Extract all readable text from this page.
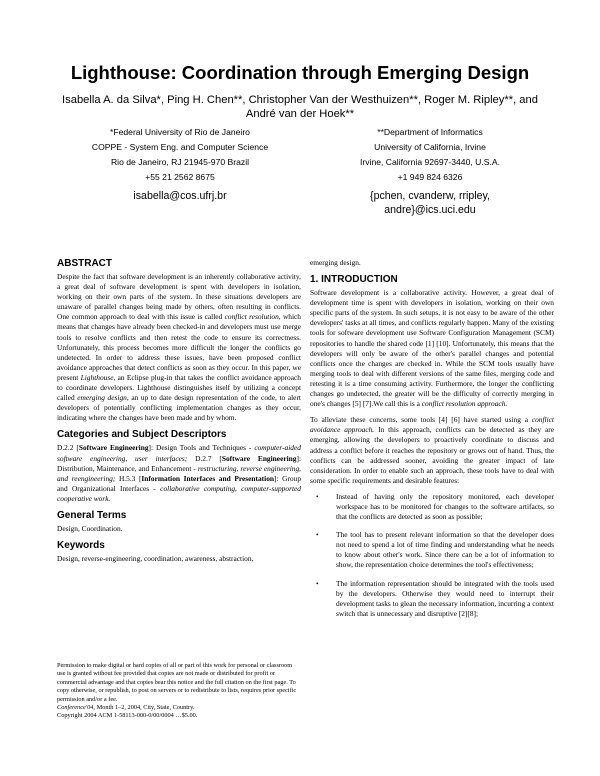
Lighthouse: Coordination through Emerging Design
Isabella A. da Silva*, Ping H. Chen**, Christopher Van der Westhuizen**, Roger M. Ripley**, and
André van der Hoek**
*Federal University of Rio de Janeiro
COPPE - System Eng. and Computer Science
Rio de Janeiro, RJ 21945-970 Brazil
+55 21 2562 8675
isabella@cos.ufrj.br
**Department of Informatics
University of California, Irvine
Irvine, California 92697-3440, U.S.A.
+1 949 824 6326
{pchen, cvanderw, rripley,
andre}@ics.uci.edu
ABSTRACT

Despite the fact that software development is an inherently collaborative activity, a great deal of software development is spent with developers in isolation, working on their own parts of the system. In these situations developers are unaware of parallel changes being made by others, often resulting in conflicts. One common approach to deal with this issue is called conflict resolution, which means that changes have already been checked-in and developers must use merge tools to resolve conflicts and then retest the code to ensure its correctness. Unfortunately, this process becomes more difficult the longer the conflicts go undetected. In order to address these issues, have been proposed conflict avoidance approaches that detect conflicts as soon as they occur. In this paper, we present Lighthouse, an Eclipse plug-in that takes the conflict avoidance approach to coordinate developers. Lighthouse distinguishes itself by utilizing a concept called emerging design, an up to date design representation of the code, to alert developers of potentially conflicting implementation changes as they occur, indicating where the changes have been made and by whom.

Categories and Subject Descriptors

D.2.2 [Software Engineering]: Design Tools and Techniques - computer-aided software engineering, user interfaces; D.2.7 [Software Engineering]: Distribution, Maintenance, and Enhancement - restructuring, reverse engineering, and reengineering; H.5.3 [Information Interfaces and Presentation]: Group and Organizational Interfaces - collaborative computing, computer-supported cooperative work.

General Terms

Design, Coordination.

Keywords

Design, reverse-engineering, coordination, awareness, abstraction,

Permission to make digital or hard copies of all or part of this work for personal or classroom use is granted without fee provided that copies are not made or distributed for profit or commercial advantage and that copies bear this notice and the full citation on the first page. To copy otherwise, or republish, to post on servers or to redistribute to lists, requires prior specific permission and/or a fee.
Conference'04, Month 1–2, 2004, City, State, Country.
Copyright 2004 ACM 1-58113-000-0/00/0004 …$5.00.

emerging design.

1. INTRODUCTION

Software development is a collaborative activity. However, a great deal of development time is spent with developers in isolation, working on their own specific parts of the system. In such setups, it is not easy to be aware of the other developers' tasks at all times, and conflicts regularly happen. Many of the existing tools for software development use Software Configuration Management (SCM) repositories to handle the shared code [1] [10]. Unfortunately, this means that the developers will only be aware of the other's parallel changes and potential conflicts once the changes are checked in. While the SCM tools usually have merging tools to deal with different versions of the same files, merging code and retesting it is a time consuming activity. Furthermore, the longer the conflicting changes go undetected, the greater will be the difficulty of correctly merging in one's changes [5] [7].We call this is a conflict resolution approach.

To alleviate these concerns, some tools [4] [6] have started using a conflict avoidance approach. In this approach, conflicts can be detected as they are emerging, allowing the developers to proactively coordinate to discuss and address a conflict before it reaches the repository or grows out of hand. Thus, the conflicts can be addressed sooner, avoiding the greater impact of late consideration. In order to enable such an approach, these tools have to deal with some specific requirements and desirable features:

• Instead of having only the repository monitored, each developer workspace has to be monitored for changes to the software artifacts, so that the conflicts are detected as soon as possible;
• The tool has to present relevant information so that the developer does not need to spend a lot of time finding and understanding what he needs to know about other's work. Since there can be a lot of information to show, the representation choice determines the tool's effectiveness;
• The information representation should be integrated with the tools used by the developers. Otherwise they would need to interrupt their development tasks to glean the necessary information, incurring a context switch that is unnecessary and disruptive [2][8];
